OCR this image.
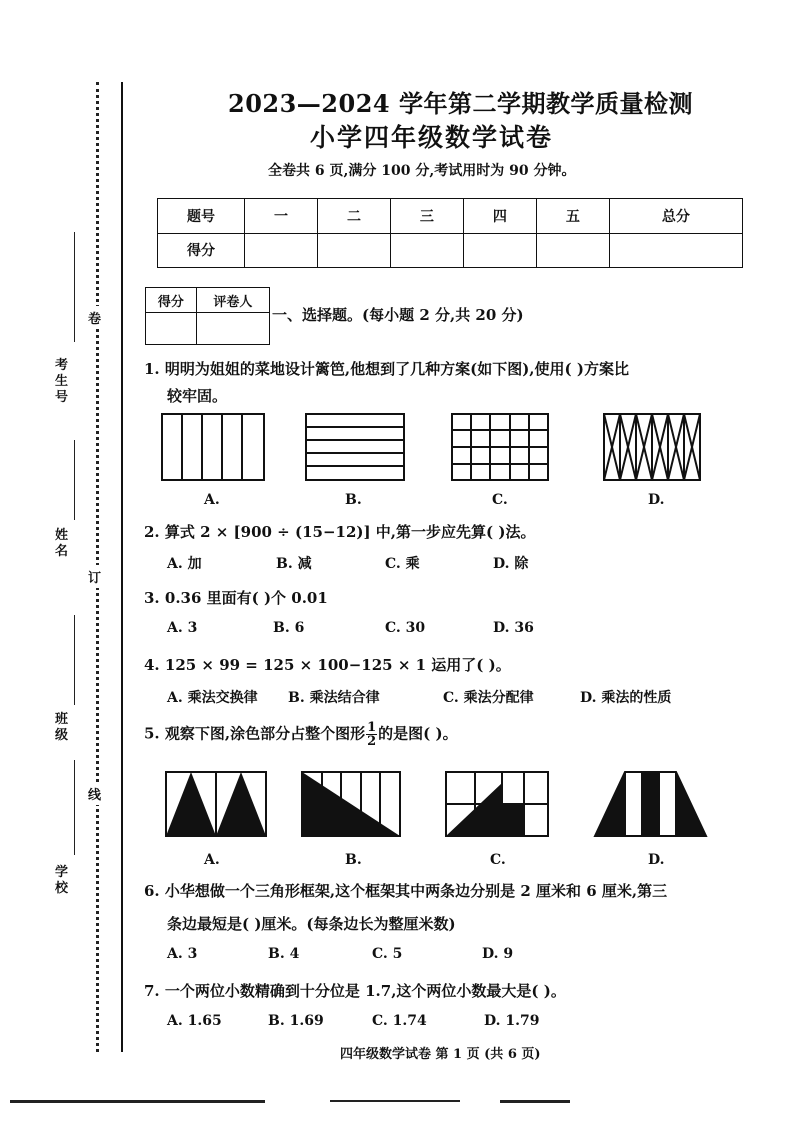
考生号
姓名
班级
学校
卷
订
线
2023—2024 学年第二学期教学质量检测
小学四年级数学试卷
全卷共 6 页,满分 100 分,考试用时为 90 分钟。
题号	一	二	三	四	五	总分
得分						
得分	评卷人

一、选择题。(每小题 2 分,共 20 分)
1. 明明为姐姐的菜地设计篱笆,他想到了几种方案(如下图),使用( )方案比
较牢固。
A.	B.	C.	D.
2. 算式 2 × [900 ÷ (15−12)] 中,第一步应先算( )法。
A. 加	B. 减	C. 乘	D. 除
3. 0.36 里面有( )个 0.01
A. 3	B. 6	C. 30	D. 36
4. 125 × 99 = 125 × 100−125 × 1 运用了( )。
A. 乘法交换律 B. 乘法结合律	C. 乘法分配律	D. 乘法的性质
5. 观察下图,涂色部分占整个图形 $\frac{1}{2}$ 的是图( )。
A.	B.	C.	D.
6. 小华想做一个三角形框架,这个框架其中两条边分别是 2 厘米和 6 厘米,第三
条边最短是( )厘米。(每条边长为整厘米数)
A. 3	B. 4	C. 5	D. 9
7. 一个两位小数精确到十分位是 1.7,这个两位小数最大是( )。
A. 1.65	B. 1.69	C. 1.74	D. 1.79
四年级数学试卷 第 1 页 (共 6 页)
